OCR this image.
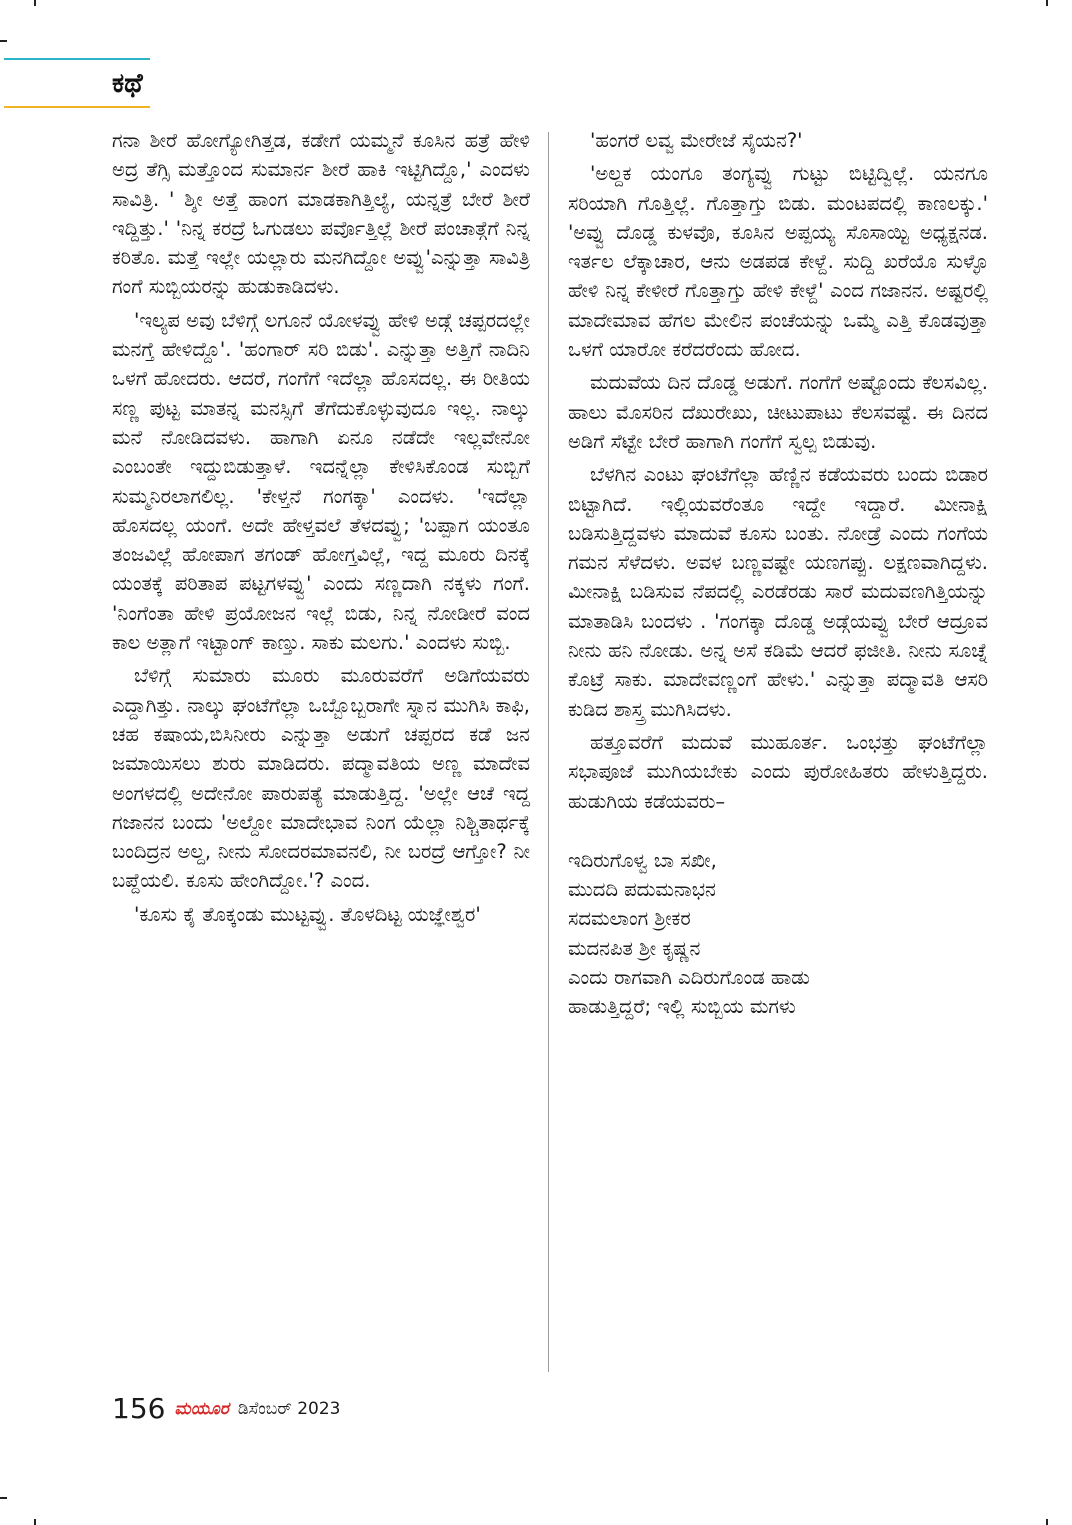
ಕಥೆ

ಗನಾ ಶೀರೆ ಹೋಗ್ಯೋಗಿತ್ತಡ, ಕಡೇಗೆ ಯಮ್ಮನೆ ಕೂಸಿನ ಹತ್ರೆ ಹೇಳಿ ಅದ್ರ ತೆಗ್ಸಿ ಮತ್ತೊಂದ ಸುಮಾರ್ನ ಶೀರೆ ಹಾಕಿ ಇಟ್ಟಿಗಿದ್ದೊ,' ಎಂದಳು ಸಾವಿತ್ರಿ. ' ಶ್ಶೀ ಅತ್ತೆ ಹಾಂಗ ಮಾಡಕಾಗಿತ್ತಿಲ್ಯೆ, ಯನ್ನತ್ರೆ ಬೇರೆ ಶೀರೆ ಇದ್ದಿತ್ತು.' 'ನಿನ್ನ ಕರದ್ರೆ ಓಗುಡಲು ಪರ್ವೊತ್ತಿಲ್ಲೆ ಶೀರೆ ಪಂಚಾತ್ಗೆಗೆ ನಿನ್ನ ಕರಿತೊ. ಮತ್ತೆ ಇಲ್ಲೇ ಯಲ್ಲಾರು ಮನಗಿದ್ದೋ ಅವ್ವು'ಎನ್ನುತ್ತಾ ಸಾವಿತ್ರಿ ಗಂಗೆ ಸುಬ್ಬಿಯರನ್ನು ಹುಡುಕಾಡಿದಳು.

'ಇಲ್ಯಪ ಅವು ಬೆಳಿಗ್ಗೆ ಲಗೂನೆ ಯೋಳವ್ವು ಹೇಳಿ ಅಡ್ಗೆ ಚಪ್ಪರದಲ್ಲೇ ಮನಗ್ತೆ ಹೇಳಿದ್ದೊ'. 'ಹಂಗಾರ್ ಸರಿ ಬಿಡು'. ಎನ್ನುತ್ತಾ ಅತ್ತಿಗೆ ನಾದಿನಿ ಒಳಗೆ ಹೋದರು. ಆದರೆ, ಗಂಗೆಗೆ ಇದೆಲ್ಲಾ ಹೊಸದಲ್ಲ. ಈ ರೀತಿಯ ಸಣ್ಣ ಪುಟ್ಟ ಮಾತನ್ನ ಮನಸ್ಸಿಗೆ ತೆಗೆದುಕೊಳ್ಳುವುದೂ ಇಲ್ಲ. ನಾಲ್ಕು ಮನೆ ನೋಡಿದವಳು. ಹಾಗಾಗಿ ಏನೂ ನಡೆದೇ ಇಲ್ಲವೇನೋ ಎಂಬಂತೇ ಇದ್ದುಬಿಡುತ್ತಾಳೆ. ಇದನ್ನೆಲ್ಲಾ ಕೇಳಿಸಿಕೊಂಡ ಸುಬ್ಬಿಗೆ ಸುಮ್ಮನಿರಲಾಗಲಿಲ್ಲ. 'ಕೇಳ್ತನೆ ಗಂಗಕ್ಕಾ' ಎಂದಳು. 'ಇದೆಲ್ಲಾ ಹೊಸದಲ್ಲ ಯಂಗೆ. ಅದೇ ಹೇಳ್ತವಲೆ ತೆಳದವ್ವು; 'ಬಪ್ಪಾಗ ಯಂತೂ ತಂಜವಿಲ್ಲೆ ಹೋಪಾಗ ತಗಂಡ್ ಹೋಗ್ತವಿಲ್ಲೆ, ಇದ್ದ ಮೂರು ದಿನಕ್ಕೆ ಯಂತಕ್ಕೆ ಪರಿತಾಪ ಪಟ್ಟಗಳವ್ವು' ಎಂದು ಸಣ್ಣದಾಗಿ ನಕ್ಕಳು ಗಂಗೆ. 'ನಿಂಗೆಂತಾ ಹೇಳಿ ಪ್ರಯೋಜನ ಇಲ್ಲೆ ಬಿಡು, ನಿನ್ನ ನೋಡೀರೆ ವಂದ ಕಾಲ ಅತ್ಲಾಗೆ ಇಟ್ಟಾಂಗ್ ಕಾಣ್ತು. ಸಾಕು ಮಲಗು.' ಎಂದಳು ಸುಬ್ಬಿ.

ಬೆಳಿಗ್ಗೆ ಸುಮಾರು ಮೂರು ಮೂರುವರೆಗೆ ಅಡಿಗೆಯವರು ಎದ್ದಾಗಿತ್ತು. ನಾಲ್ಕು ಘಂಟೆಗೆಲ್ಲಾ ಒಬ್ಬೊಬ್ಬರಾಗೇ ಸ್ನಾನ ಮುಗಿಸಿ ಕಾಫಿ, ಚಹ ಕಷಾಯ,ಬಿಸಿನೀರು ಎನ್ನುತ್ತಾ ಅಡುಗೆ ಚಪ್ಪರದ ಕಡೆ ಜನ ಜಮಾಯಿಸಲು ಶುರು ಮಾಡಿದರು. ಪದ್ಮಾವತಿಯ ಅಣ್ಣ ಮಾದೇವ ಅಂಗಳದಲ್ಲಿ ಅದೇನೋ ಪಾರುಪತ್ಯೆ ಮಾಡುತ್ತಿದ್ದ. 'ಅಲ್ಲೇ ಆಚೆ ಇದ್ದ ಗಜಾನನ ಬಂದು 'ಅಲ್ದೋ ಮಾದೇಭಾವ ನಿಂಗ ಯೆಲ್ಲಾ ನಿಶ್ಚಿತಾರ್ಥಕ್ಕೆ ಬಂದಿದ್ರನ ಅಲ್ದ, ನೀನು ಸೋದರಮಾವನಲಿ, ನೀ ಬರದ್ರೆ ಆಗ್ತೋ? ನೀ ಬಪ್ದೆಯಲಿ. ಕೂಸು ಹೇಂಗಿದ್ದೋ.'? ಎಂದ.

'ಕೂಸು ಕೈ ತೊಕ್ಕಂಡು ಮುಟ್ಟವ್ವು. ತೊಳದಿಟ್ಟ ಯಜ್ಞೇಶ್ವರ'

'ಹಂಗರೆ ಲವ್ವ ಮೇರೇಜೆ ಸೈಯನ?'

'ಅಲ್ದಕ ಯಂಗೂ ತಂಗ್ಯವ್ವು ಗುಟ್ಟು ಬಿಟ್ಟಿದ್ವಿಲ್ಲೆ. ಯನಗೂ ಸರಿಯಾಗಿ ಗೊತ್ತಿಲ್ಲೆ. ಗೊತ್ತಾಗ್ತು ಬಿಡು. ಮಂಟಪದಲ್ಲಿ ಕಾಣಲಕ್ಕು.' 'ಅವ್ವು ದೊಡ್ಡ ಕುಳವೊ, ಕೂಸಿನ ಅಪ್ಪಯ್ಯ ಸೊಸಾಯ್ಟಿ ಅಧ್ಯಕ್ಷನಡ. ಇರ್ತಲ ಲೆಕ್ಕಾಚಾರ, ಆನು ಅಡಪಡ ಕೇಳ್ದೆ. ಸುದ್ದಿ ಖರೆಯೊ ಸುಳ್ಳೊ ಹೇಳಿ ನಿನ್ನ ಕೇಳೀರೆ ಗೊತ್ತಾಗ್ತು ಹೇಳಿ ಕೇಳ್ದೆ' ಎಂದ ಗಜಾನನ. ಅಷ್ಟರಲ್ಲಿ ಮಾದೇಮಾವ ಹೆಗಲ ಮೇಲಿನ ಪಂಚೆಯನ್ನು ಒಮ್ಮೆ ಎತ್ತಿ ಕೊಡವುತ್ತಾ ಒಳಗೆ ಯಾರೋ ಕರೆದರೆಂದು ಹೋದ.

ಮದುವೆಯ ದಿನ ದೊಡ್ಡ ಅಡುಗೆ. ಗಂಗೆಗೆ ಅಷ್ಟೊಂದು ಕೆಲಸವಿಲ್ಲ. ಹಾಲು ಮೊಸರಿನ ದೆಖುರೇಖು, ಚೀಟುಪಾಟು ಕೆಲಸವಷ್ಟೆ. ಈ ದಿನದ ಅಡಿಗೆ ಸೆಟ್ಟೇ ಬೇರೆ ಹಾಗಾಗಿ ಗಂಗೆಗೆ ಸ್ವಲ್ಪ ಬಿಡುವು.

ಬೆಳಗಿನ ಎಂಟು ಘಂಟೆಗೆಲ್ಲಾ ಹೆಣ್ಣಿನ ಕಡೆಯವರು ಬಂದು ಬಿಡಾರ ಬಿಟ್ಟಾಗಿದೆ. ಇಲ್ಲಿಯವರೆಂತೂ ಇದ್ದೇ ಇದ್ದಾರೆ. ಮೀನಾಕ್ಷಿ ಬಡಿಸುತ್ತಿದ್ದವಳು ಮಾದುವೆ ಕೂಸು ಬಂತು. ನೋಡ್ರೆ ಎಂದು ಗಂಗೆಯ ಗಮನ ಸೆಳೆದಳು. ಅವಳ ಬಣ್ಣವಷ್ಟೇ ಯಣಗಪ್ಪು. ಲಕ್ಷಣವಾಗಿದ್ದಳು. ಮೀನಾಕ್ಷಿ ಬಡಿಸುವ ನೆಪದಲ್ಲಿ ಎರಡೆರಡು ಸಾರೆ ಮದುವಣಗಿತ್ತಿಯನ್ನು ಮಾತಾಡಿಸಿ ಬಂದಳು . 'ಗಂಗಕ್ಕಾ ದೊಡ್ಡ ಅಡ್ಗೆಯವ್ವು ಬೇರೆ ಆದ್ರೂವ ನೀನು ಹನಿ ನೋಡು. ಅನ್ನ ಅಸೆ ಕಡಿಮೆ ಆದರೆ ಫಜೀತಿ. ನೀನು ಸೂಚ್ನೆ ಕೊಟ್ರೆ ಸಾಕು. ಮಾದೇವಣ್ಣಂಗೆ ಹೇಳು.' ಎನ್ನುತ್ತಾ ಪದ್ಮಾವತಿ ಆಸರಿ ಕುಡಿದ ಶಾಸ್ತ್ರ ಮುಗಿಸಿದಳು.

ಹತ್ತೂವರೆಗೆ ಮದುವೆ ಮುಹೂರ್ತ. ಒಂಭತ್ತು ಘಂಟೆಗೆಲ್ಲಾ ಸಭಾಪೂಜೆ ಮುಗಿಯಬೇಕು ಎಂದು ಪುರೋಹಿತರು ಹೇಳುತ್ತಿದ್ದರು. ಹುಡುಗಿಯ ಕಡೆಯವರು–

ಇದಿರುಗೊಳ್ವ ಬಾ ಸಖೀ,
ಮುದದಿ ಪದುಮನಾಭನ
ಸದಮಲಾಂಗ ಶ್ರೀಕರ
ಮದನಪಿತ ಶ್ರೀ ಕೃಷ್ಣನ
ಎಂದು ರಾಗವಾಗಿ ಎದಿರುಗೊಂಡ ಹಾಡು
ಹಾಡುತ್ತಿದ್ದರೆ; ಇಲ್ಲಿ ಸುಬ್ಬಿಯ ಮಗಳು
156 ಮಯೂರ ಡಿಸೆಂಬರ್ 2023
